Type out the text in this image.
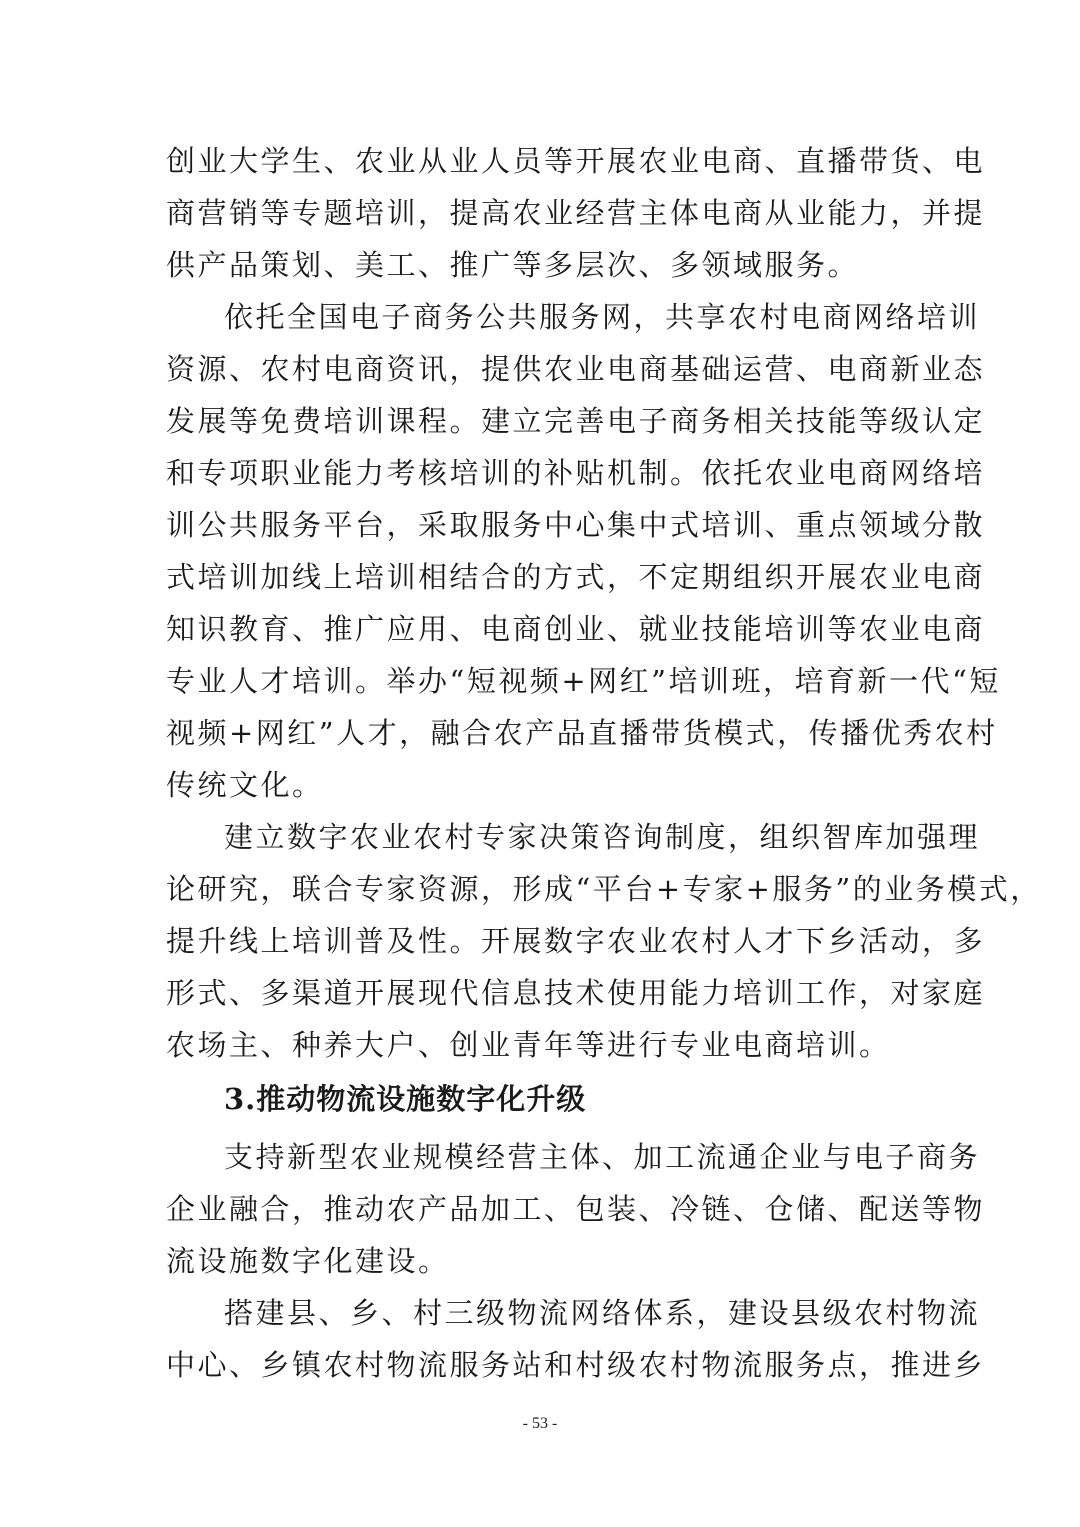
创业大学生、农业从业人员等开展农业电商、直播带货、电
商营销等专题培训，提高农业经营主体电商从业能力，并提
供产品策划、美工、推广等多层次、多领域服务。
依托全国电子商务公共服务网，共享农村电商网络培训
资源、农村电商资讯，提供农业电商基础运营、电商新业态
发展等免费培训课程。建立完善电子商务相关技能等级认定
和专项职业能力考核培训的补贴机制。依托农业电商网络培
训公共服务平台，采取服务中心集中式培训、重点领域分散
式培训加线上培训相结合的方式，不定期组织开展农业电商
知识教育、推广应用、电商创业、就业技能培训等农业电商
专业人才培训。举办“短视频+网红”培训班，培育新一代“短
视频+网红”人才，融合农产品直播带货模式，传播优秀农村
传统文化。
建立数字农业农村专家决策咨询制度，组织智库加强理
论研究，联合专家资源，形成“平台+专家+服务”的业务模式，
提升线上培训普及性。开展数字农业农村人才下乡活动，多
形式、多渠道开展现代信息技术使用能力培训工作，对家庭
农场主、种养大户、创业青年等进行专业电商培训。
3.推动物流设施数字化升级
支持新型农业规模经营主体、加工流通企业与电子商务
企业融合，推动农产品加工、包装、冷链、仓储、配送等物
流设施数字化建设。
搭建县、乡、村三级物流网络体系，建设县级农村物流
中心、乡镇农村物流服务站和村级农村物流服务点，推进乡
- 53 -
